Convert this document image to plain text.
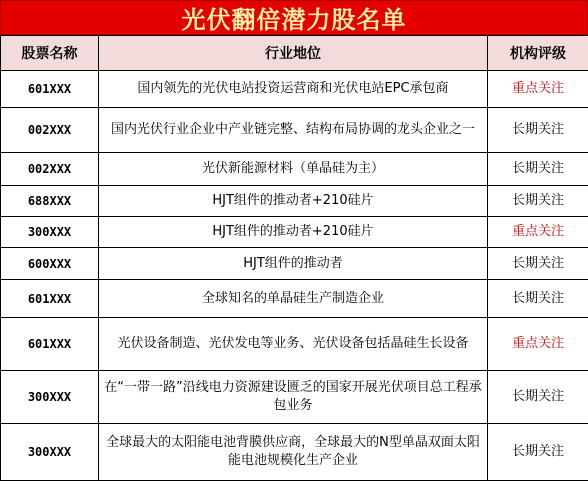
光伏翻倍潜力股名单
股票名称	行业地位	机构评级
601XXX	国内领先的光伏电站投资运营商和光伏电站EPC承包商	重点关注
002XXX	国内光伏行业企业中产业链完整、结构布局协调的龙头企业之一	长期关注
002XXX	光伏新能源材料（单晶硅为主）	长期关注
688XXX	HJT组件的推动者+210硅片	长期关注
300XXX	HJT组件的推动者+210硅片	重点关注
600XXX	HJT组件的推动者	长期关注
601XXX	全球知名的单晶硅生产制造企业	长期关注
601XXX	光伏设备制造、光伏发电等业务、光伏设备包括晶硅生长设备	重点关注
300XXX	在“一带一路”沿线电力资源建设匮乏的国家开展光伏项目总工程承包业务	长期关注
300XXX	全球最大的太阳能电池背膜供应商，全球最大的N型单晶双面太阳能电池规模化生产企业	长期关注
